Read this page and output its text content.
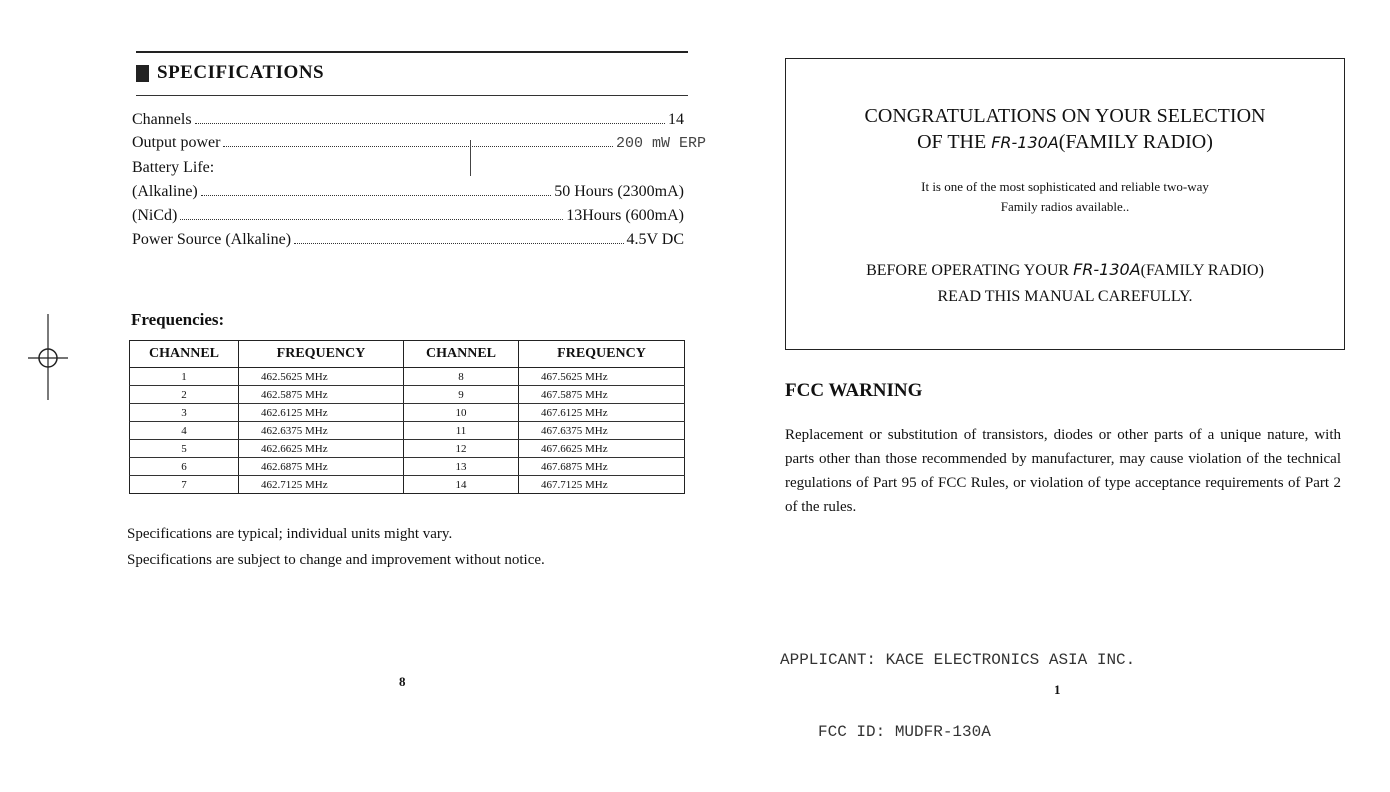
SPECIFICATIONS
Channels	14
Output power	200 mW ERP
Battery Life:
(Alkaline)	50 Hours (2300mA)
(NiCd)	13Hours (600mA)
Power Source (Alkaline)	4.5V DC
Frequencies:
CHANNEL	FREQUENCY	CHANNEL	FREQUENCY
1	462.5625 MHz	8	467.5625 MHz
2	462.5875 MHz	9	467.5875 MHz
3	462.6125 MHz	10	467.6125 MHz
4	462.6375 MHz	11	467.6375 MHz
5	462.6625 MHz	12	467.6625 MHz
6	462.6875 MHz	13	467.6875 MHz
7	462.7125 MHz	14	467.7125 MHz
Specifications are typical; individual units might vary.
Specifications are subject to change and improvement without notice.
8
CONGRATULATIONS ON YOUR SELECTION
OF THE FR-130A(FAMILY RADIO)
It is one of the most sophisticated and reliable two-way
Family radios available..
BEFORE OPERATING YOUR FR-130A(FAMILY RADIO)
READ THIS MANUAL CAREFULLY.
FCC WARNING
Replacement or substitution of transistors, diodes or other parts of a unique nature, with parts other than those recommended by manufacturer, may cause violation of the technical regulations of Part 95 of FCC Rules, or violation of type acceptance requirements of Part 2 of the rules.

APPLICANT: KACE ELECTRONICS ASIA INC.

FCC ID: MUDFR-130A

1
